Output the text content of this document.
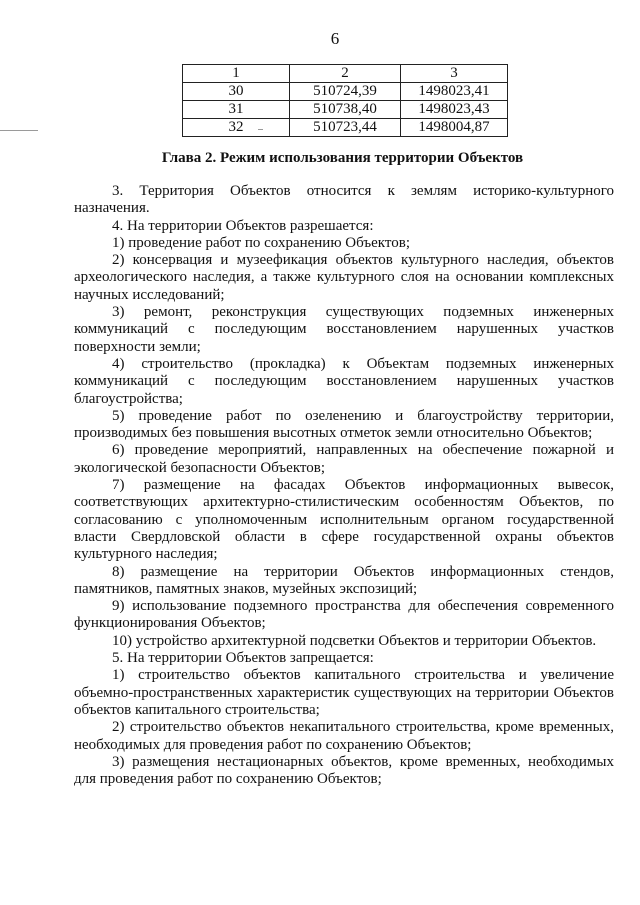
6
1	2	3
30	510724,39	1498023,41
31	510738,40	1498023,43
32	510723,44	1498004,87
Глава 2. Режим использования территории Объектов

3. Территория Объектов относится к землям историко-культурного назначения.

4. На территории Объектов разрешается:

1) проведение работ по сохранению Объектов;

2) консервация и музеефикация объектов культурного наследия, объектов археологического наследия, а также культурного слоя на основании комплексных научных исследований;

3) ремонт, реконструкция существующих подземных инженерных коммуникаций с последующим восстановлением нарушенных участков поверхности земли;

4) строительство (прокладка) к Объектам подземных инженерных коммуникаций с последующим восстановлением нарушенных участков благоустройства;

5) проведение работ по озеленению и благоустройству территории, производимых без повышения высотных отметок земли относительно Объектов;

6) проведение мероприятий, направленных на обеспечение пожарной и экологической безопасности Объектов;

7) размещение на фасадах Объектов информационных вывесок, соответствующих архитектурно-стилистическим особенностям Объектов, по согласованию с уполномоченным исполнительным органом государственной власти Свердловской области в сфере государственной охраны объектов культурного наследия;

8) размещение на территории Объектов информационных стендов, памятников, памятных знаков, музейных экспозиций;

9) использование подземного пространства для обеспечения современного функционирования Объектов;

10) устройство архитектурной подсветки Объектов и территории Объектов.

5. На территории Объектов запрещается:

1) строительство объектов капитального строительства и увеличение объемно-пространственных характеристик существующих на территории Объектов объектов капитального строительства;

2) строительство объектов некапитального строительства, кроме временных, необходимых для проведения работ по сохранению Объектов;

3) размещения нестационарных объектов, кроме временных, необходимых для проведения работ по сохранению Объектов;
